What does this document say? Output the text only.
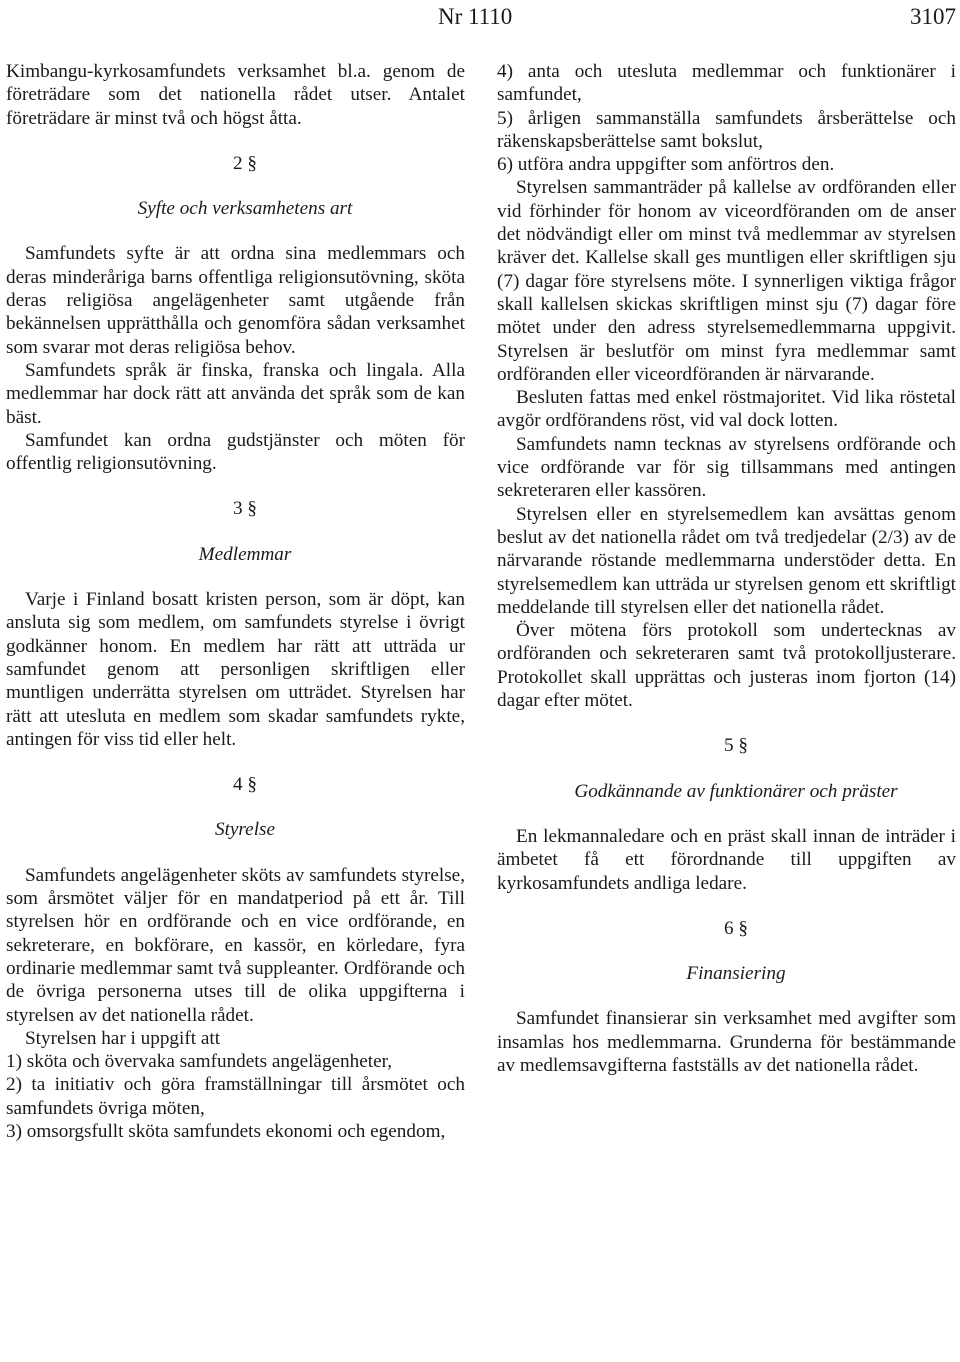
Nr 1110	3107

Kimbangu-kyrkosamfundets verksamhet bl.a. genom de företrädare som det nationella rådet utser. Antalet företrädare är minst två och högst åtta.

2 §

Syfte och verksamhetens art

Samfundets syfte är att ordna sina medlemmars och deras minderåriga barns offentliga religionsutövning, sköta deras religiösa angelägenheter samt utgående från bekännelsen upprätthålla och genomföra sådan verksamhet som svarar mot deras religiösa behov.

Samfundets språk är finska, franska och lingala. Alla medlemmar har dock rätt att använda det språk som de kan bäst.

Samfundet kan ordna gudstjänster och möten för offentlig religionsutövning.

3 §

Medlemmar

Varje i Finland bosatt kristen person, som är döpt, kan ansluta sig som medlem, om samfundets styrelse i övrigt godkänner honom. En medlem har rätt att utträda ur samfundet genom att personligen skriftligen eller muntligen underrätta styrelsen om utträdet. Styrelsen har rätt att utesluta en medlem som skadar samfundets rykte, antingen för viss tid eller helt.

4 §

Styrelse

Samfundets angelägenheter sköts av samfundets styrelse, som årsmötet väljer för en mandatperiod på ett år. Till styrelsen hör en ordförande och en vice ordförande, en sekreterare, en bokförare, en kassör, en körledare, fyra ordinarie medlemmar samt två suppleanter. Ordförande och de övriga personerna utses till de olika uppgifterna i styrelsen av det nationella rådet.

Styrelsen har i uppgift att

1) sköta och övervaka samfundets angelägenheter,

2) ta initiativ och göra framställningar till årsmötet och samfundets övriga möten,

3) omsorgsfullt sköta samfundets ekonomi och egendom,

4) anta och utesluta medlemmar och funktionärer i samfundet,

5) årligen sammanställa samfundets årsberättelse och räkenskapsberättelse samt bokslut,

6) utföra andra uppgifter som anförtros den.

Styrelsen sammanträder på kallelse av ordföranden eller vid förhinder för honom av viceordföranden om de anser det nödvändigt eller om minst två medlemmar av styrelsen kräver det. Kallelse skall ges muntligen eller skriftligen sju (7) dagar före styrelsens möte. I synnerligen viktiga frågor skall kallelsen skickas skriftligen minst sju (7) dagar före mötet under den adress styrelsemedlemmarna uppgivit. Styrelsen är beslutför om minst fyra medlemmar samt ordföranden eller viceordföranden är närvarande.

Besluten fattas med enkel röstmajoritet. Vid lika röstetal avgör ordförandens röst, vid val dock lotten.

Samfundets namn tecknas av styrelsens ordförande och vice ordförande var för sig tillsammans med antingen sekreteraren eller kassören.

Styrelsen eller en styrelsemedlem kan avsättas genom beslut av det nationella rådet om två tredjedelar (2/3) av de närvarande röstande medlemmarna understöder detta. En styrelsemedlem kan utträda ur styrelsen genom ett skriftligt meddelande till styrelsen eller det nationella rådet.

Över mötena förs protokoll som undertecknas av ordföranden och sekreteraren samt två protokolljusterare. Protokollet skall upprättas och justeras inom fjorton (14) dagar efter mötet.

5 §

Godkännande av funktionärer och präster

En lekmannaledare och en präst skall innan de inträder i ämbetet få ett förordnande till uppgiften av kyrkosamfundets andliga ledare.

6 §

Finansiering

Samfundet finansierar sin verksamhet med avgifter som insamlas hos medlemmarna. Grunderna för bestämmande av medlemsavgifterna fastställs av det nationella rådet.
